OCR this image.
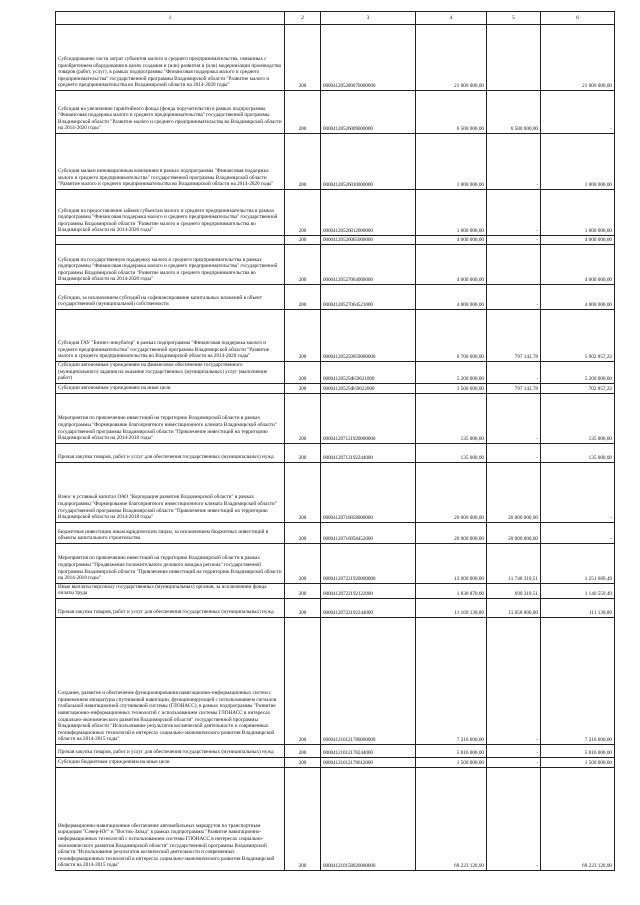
1	2	3	4	5	6

Субсидирование части затрат субъектов малого и среднего предпринимательства, связанных с приобретением оборудования в целях создания и (или) развития и (или) модернизации производства товаров (работ, услуг), в рамках подпрограммы "Финансовая поддержка малого и среднего предпринимательства" государственной программы Владимирской области "Развитие малого и среднего предпринимательства во Владимирской области на 2014-2020 годы"	200	000041205280070000000	21 000 000,00		21 000 000,00

Субсидия на увеличение гарантийного фонда (фонда поручительств) в рамках подпрограммы "Финансовая поддержка малого и среднего предпринимательства" государственной программы Владимирской области "Развитие малого и среднего предпринимательства во Владимирской области на 2014-2020 годы"	200	00004120526009000000	6 500 000,00	6 500 000,00	-

Субсидия малым инновационным компаниям в рамках подпрограммы "Финансовая поддержка малого и среднего предпринимательства" государственной программы Владимирской области "Развитие малого и среднего предпринимательства во Владимирской области на 2014-2020 годы"	200	00004120526010000000	1 000 000,00	-	1 000 000,00

Субсидия на предоставление займов субъектам малого и среднего предпринимательства в рамках подпрограммы "Финансовая поддержка малого и среднего предпринимательства" государственной программы Владимирской области "Развитие малого и среднего предпринимательства во Владимирской области на 2014-2020 годы"	200	00004120526012000000	1 000 000,00	-	1 000 000,00

	200	00004120526065000000	4 000 000,00	-	4 000 000,00

Субсидия на государственную поддержку малого и среднего предпринимательства в рамках подпрограммы "Финансовая поддержка малого и среднего предпринимательства" государственной программы Владимирской области "Развитие малого и среднего предпринимательства во Владимирской области на 2014-2020 годы"	200	00004120527064000000	4 000 000,00		4 000 000,00

Субсидии, за исключением субсидий на софинансирование капитальных вложений в объект государственной (муниципальной) собственности	200	00004120527064521000	4 000 000,00	-	4 000 000,00

Субсидия ГАУ "Бизнес-инкубатор" в рамках подпрограммы "Финансовая поддержка малого и среднего предпринимательства" государственной программы Владимирской области "Развитие малого и среднего предпринимательства во Владимирской области на 2014-2020 годы"	200	000041205259059000000	6 700 000,00	797 142,78	5 902 857,22

Субсидии автономным учреждениям на финансовое обеспечение государственного (муниципального) задания на оказание государственных (муниципальных) услуг (выполнение работ)	200	00004120525Ф59621000	5 200 000,00	-	5 200 000,00

Субсидии автономным учреждениям на иные цели	200	00004120525Ф59622000	1 500 000,00	797 142,78	702 857,22

Мероприятия по привлечению инвестиций на территорию Владимирской области в рамках подпрограммы "Формирование благоприятного инвестиционного климата Владимирской области" государственной программы Владимирской области "Привлечение инвестиций на территорию Владимирской области на 2014-2018 годы"	200	000041207121920000000	135 000,00	-	135 000,00

Прочая закупка товаров, работ и услуг для обеспечения государственных (муниципальных) нужд	200	00004120712192244000	135 000,00	-	135 000,00

Взнос в уставный капитал ОАО "Корпорация развития Владимирской области" в рамках подпрограммы "Формирование благоприятного инвестиционного климата Владимирской области" государственной программы Владимирской области "Привлечение инвестиций на территорию Владимирской области на 2014-2018 годы"	200	00004120716058000000	20 000 000,00	20 000 000,00	-

Бюджетные инвестиции иным юридическим лицам, за исключением бюджетных инвестиций в объекты капитального строительства	200	00004120716058452000	20 000 000,00	20 000 000,00	-

Мероприятия по привлечению инвестиций на территорию Владимирской области в рамках подпрограммы "Продвижение положительного делового имиджа региона" государственной программы Владимирской области "Привлечение инвестиций на территорию Владимирской области на 2014-2018 годы"	200	000041207221920000000	13 000 000,00	11 748 310,51	1 251 689,49

Иные выплаты персоналу государственных (муниципальных) органов, за исключением фонда оплаты труда	200	00004120722192122000	1 830 870,00	690 310,51	1 140 559,49

Прочая закупка товаров, работ и услуг для обеспечения государственных (муниципальных) нужд	200	00004120722192244000	11 169 130,00	11 058 000,00	111 130,00

Создание, развитие и обеспечение функционирования навигационно-информационных систем с применением аппаратуры спутниковой навигации, функционирующей с использованием сигналов глобальной навигационной спутниковой системы (ГЛОНАСС), в рамках подпрограммы "Развитие навигационно-информационных технологий с использованием системы ГЛОНАСС в интересах социально-экономического развития Владимирской области" государственной программы Владимирской области "Использование результатов космической деятельности и современных геоинформационных технологий в интересах социально-экономического развития Владимирской области на 2014-2015 годы"	200	000041210121780000000	7 316 000,00	-	7 316 000,00

Прочая закупка товаров, работ и услуг для обеспечения государственных (муниципальных) нужд	200	00004121012178244000	5 816 000,00	-	5 816 000,00

Субсидии бюджетным учреждениям на иные цели	200	00004121012178612000	1 500 000,00	-	1 500 000,00

Информационно-навигационное обеспечение автомобильных маршрутов по транспортным коридорам "Север-Юг" и "Восток-Запад" в рамках подпрограммы "Развитие навигационно-информационных технологий с использованием системы ГЛОНАСС в интересах социально-экономического развития Владимирской области" государственной программы Владимирской области "Использование результатов космической деятельности и современных геоинформационных технологий в интересах социально-экономического развития Владимирской области на 2014-2015 годы"	200	000041210158020000000	69 223 120,00	-	69 223 120,00
